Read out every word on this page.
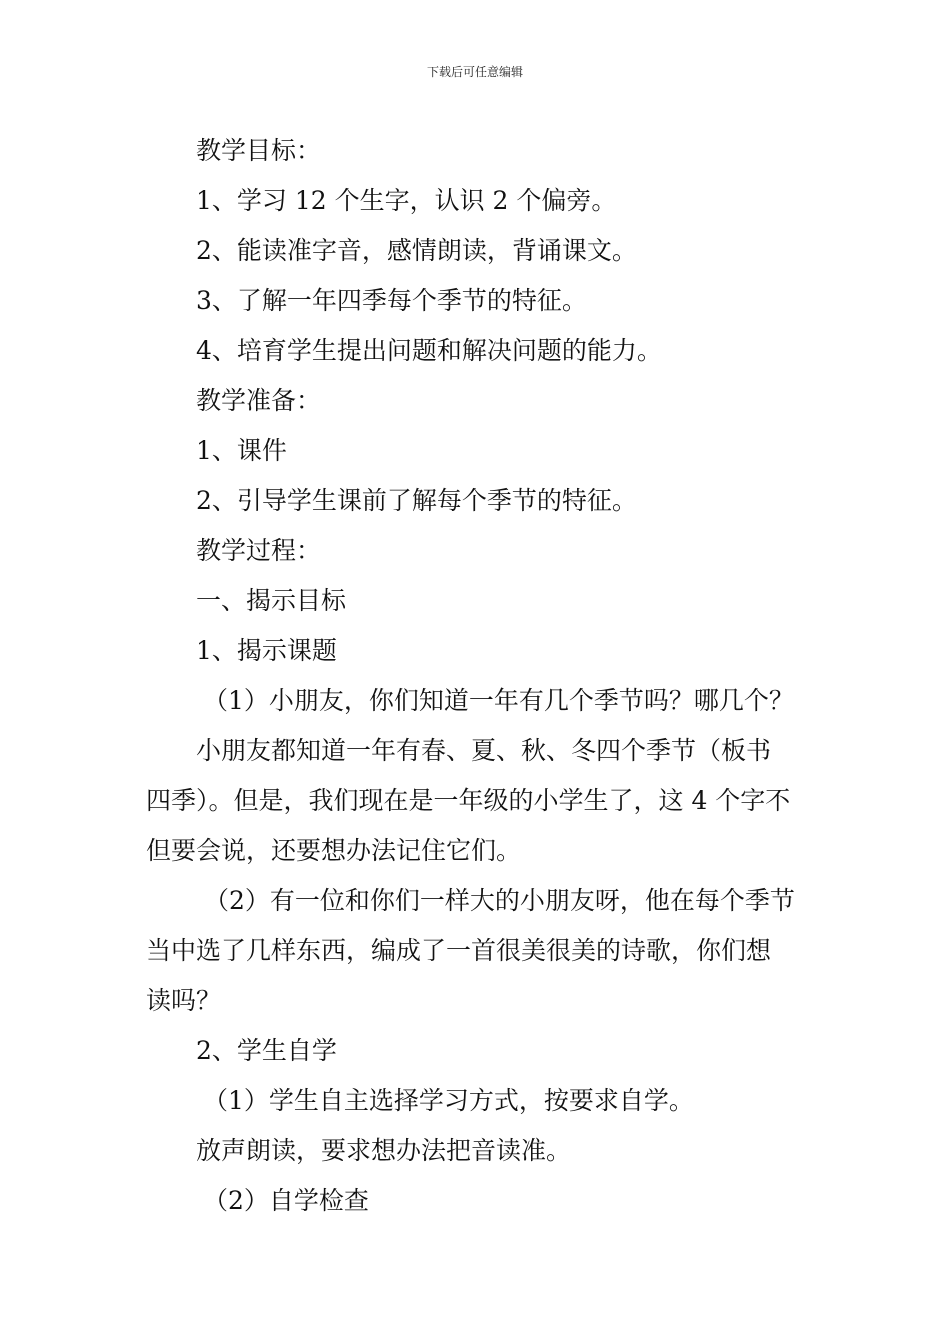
下载后可任意编辑
教学目标：
1、学习 12 个生字，认识 2 个偏旁。
2、能读准字音，感情朗读，背诵课文。
3、了解一年四季每个季节的特征。
4、培育学生提出问题和解决问题的能力。
教学准备：
1、课件
2、引导学生课前了解每个季节的特征。
教学过程：
一、揭示目标
1、揭示课题
（1）小朋友，你们知道一年有几个季节吗？哪几个？
小朋友都知道一年有春、夏、秋、冬四个季节（板书
四季）。但是，我们现在是一年级的小学生了，这 4 个字不
但要会说，还要想办法记住它们。
（2）有一位和你们一样大的小朋友呀，他在每个季节
当中选了几样东西，编成了一首很美很美的诗歌，你们想
读吗？
2、学生自学
（1）学生自主选择学习方式，按要求自学。
放声朗读，要求想办法把音读准。
（2）自学检查
